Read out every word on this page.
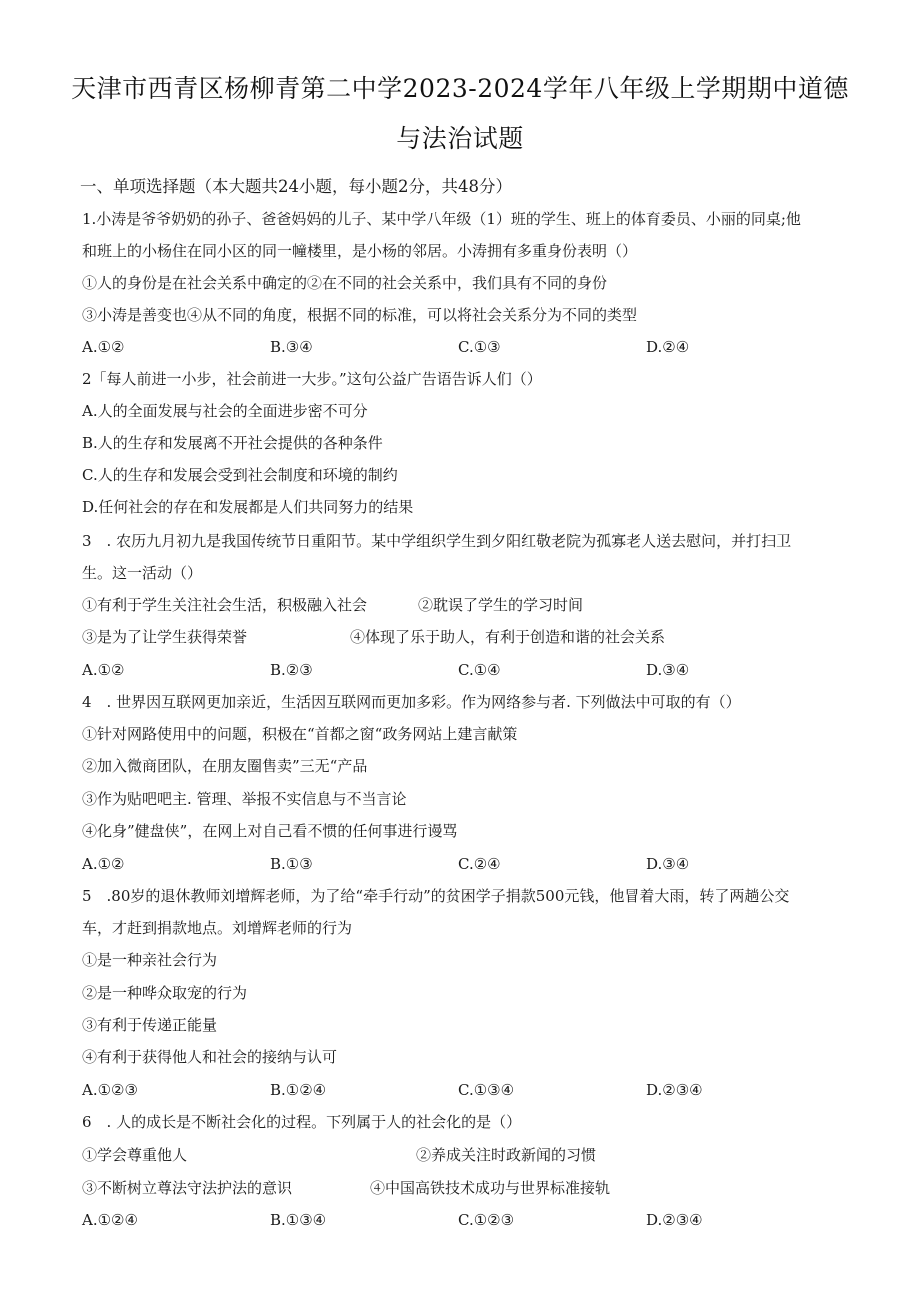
天津市西青区杨柳青第二中学2023-2024学年八年级上学期期中道德
与法治试题
一、单项选择题（本大题共24小题，每小题2分，共48分）
1.小涛是爷爷奶奶的孙子、爸爸妈妈的儿子、某中学八年级（1）班的学生、班上的体育委员、小丽的同桌;他
和班上的小杨住在同小区的同一幢楼里，是小杨的邻居。小涛拥有多重身份表明（）
①人的身份是在社会关系中确定的②在不同的社会关系中，我们具有不同的身份
③小涛是善变也④从不同的角度，根据不同的标准，可以将社会关系分为不同的类型
A.①②	B.③④	C.①③	D.②④
2「每人前进一小步，社会前进一大步。”这句公益广告语告诉人们（）
A.人的全面发展与社会的全面进步密不可分
B.人的生存和发展离不开社会提供的各种条件
C.人的生存和发展会受到社会制度和环境的制约
D.任何社会的存在和发展都是人们共同努力的结果
3　. 农历九月初九是我国传统节日重阳节。某中学组织学生到夕阳红敬老院为孤寡老人送去慰问，并打扫卫
生。这一活动（）
①有利于学生关注社会生活，积极融入社会	②耽误了学生的学习时间
③是为了让学生获得荣誉	④体现了乐于助人，有利于创造和谐的社会关系
A.①②	B.②③	C.①④	D.③④
4　. 世界因互联网更加亲近，生活因互联网而更加多彩。作为网络参与者. 下列做法中可取的有（）
①针对网路使用中的问题，积极在“首都之窗“政务网站上建言献策
②加入微商团队，在朋友圈售卖”三无“产品
③作为贴吧吧主. 管理、举报不实信息与不当言论
④化身”健盘侠”，在网上对自己看不惯的任何事进行谩骂
A.①②	B.①③	C.②④	D.③④
5　.80岁的退休教师刘增辉老师，为了给“牵手行动”的贫困学子捐款500元钱，他冒着大雨，转了两趟公交
车，才赶到捐款地点。刘增辉老师的行为
①是一种亲社会行为
②是一种哗众取宠的行为
③有利于传递正能量
④有利于获得他人和社会的接纳与认可
A.①②③	B.①②④	C.①③④	D.②③④
6　. 人的成长是不断社会化的过程。下列属于人的社会化的是（）
①学会尊重他人	②养成关注时政新闻的习惯
③不断树立尊法守法护法的意识	④中国高铁技术成功与世界标准接轨
A.①②④	B.①③④	C.①②③	D.②③④
